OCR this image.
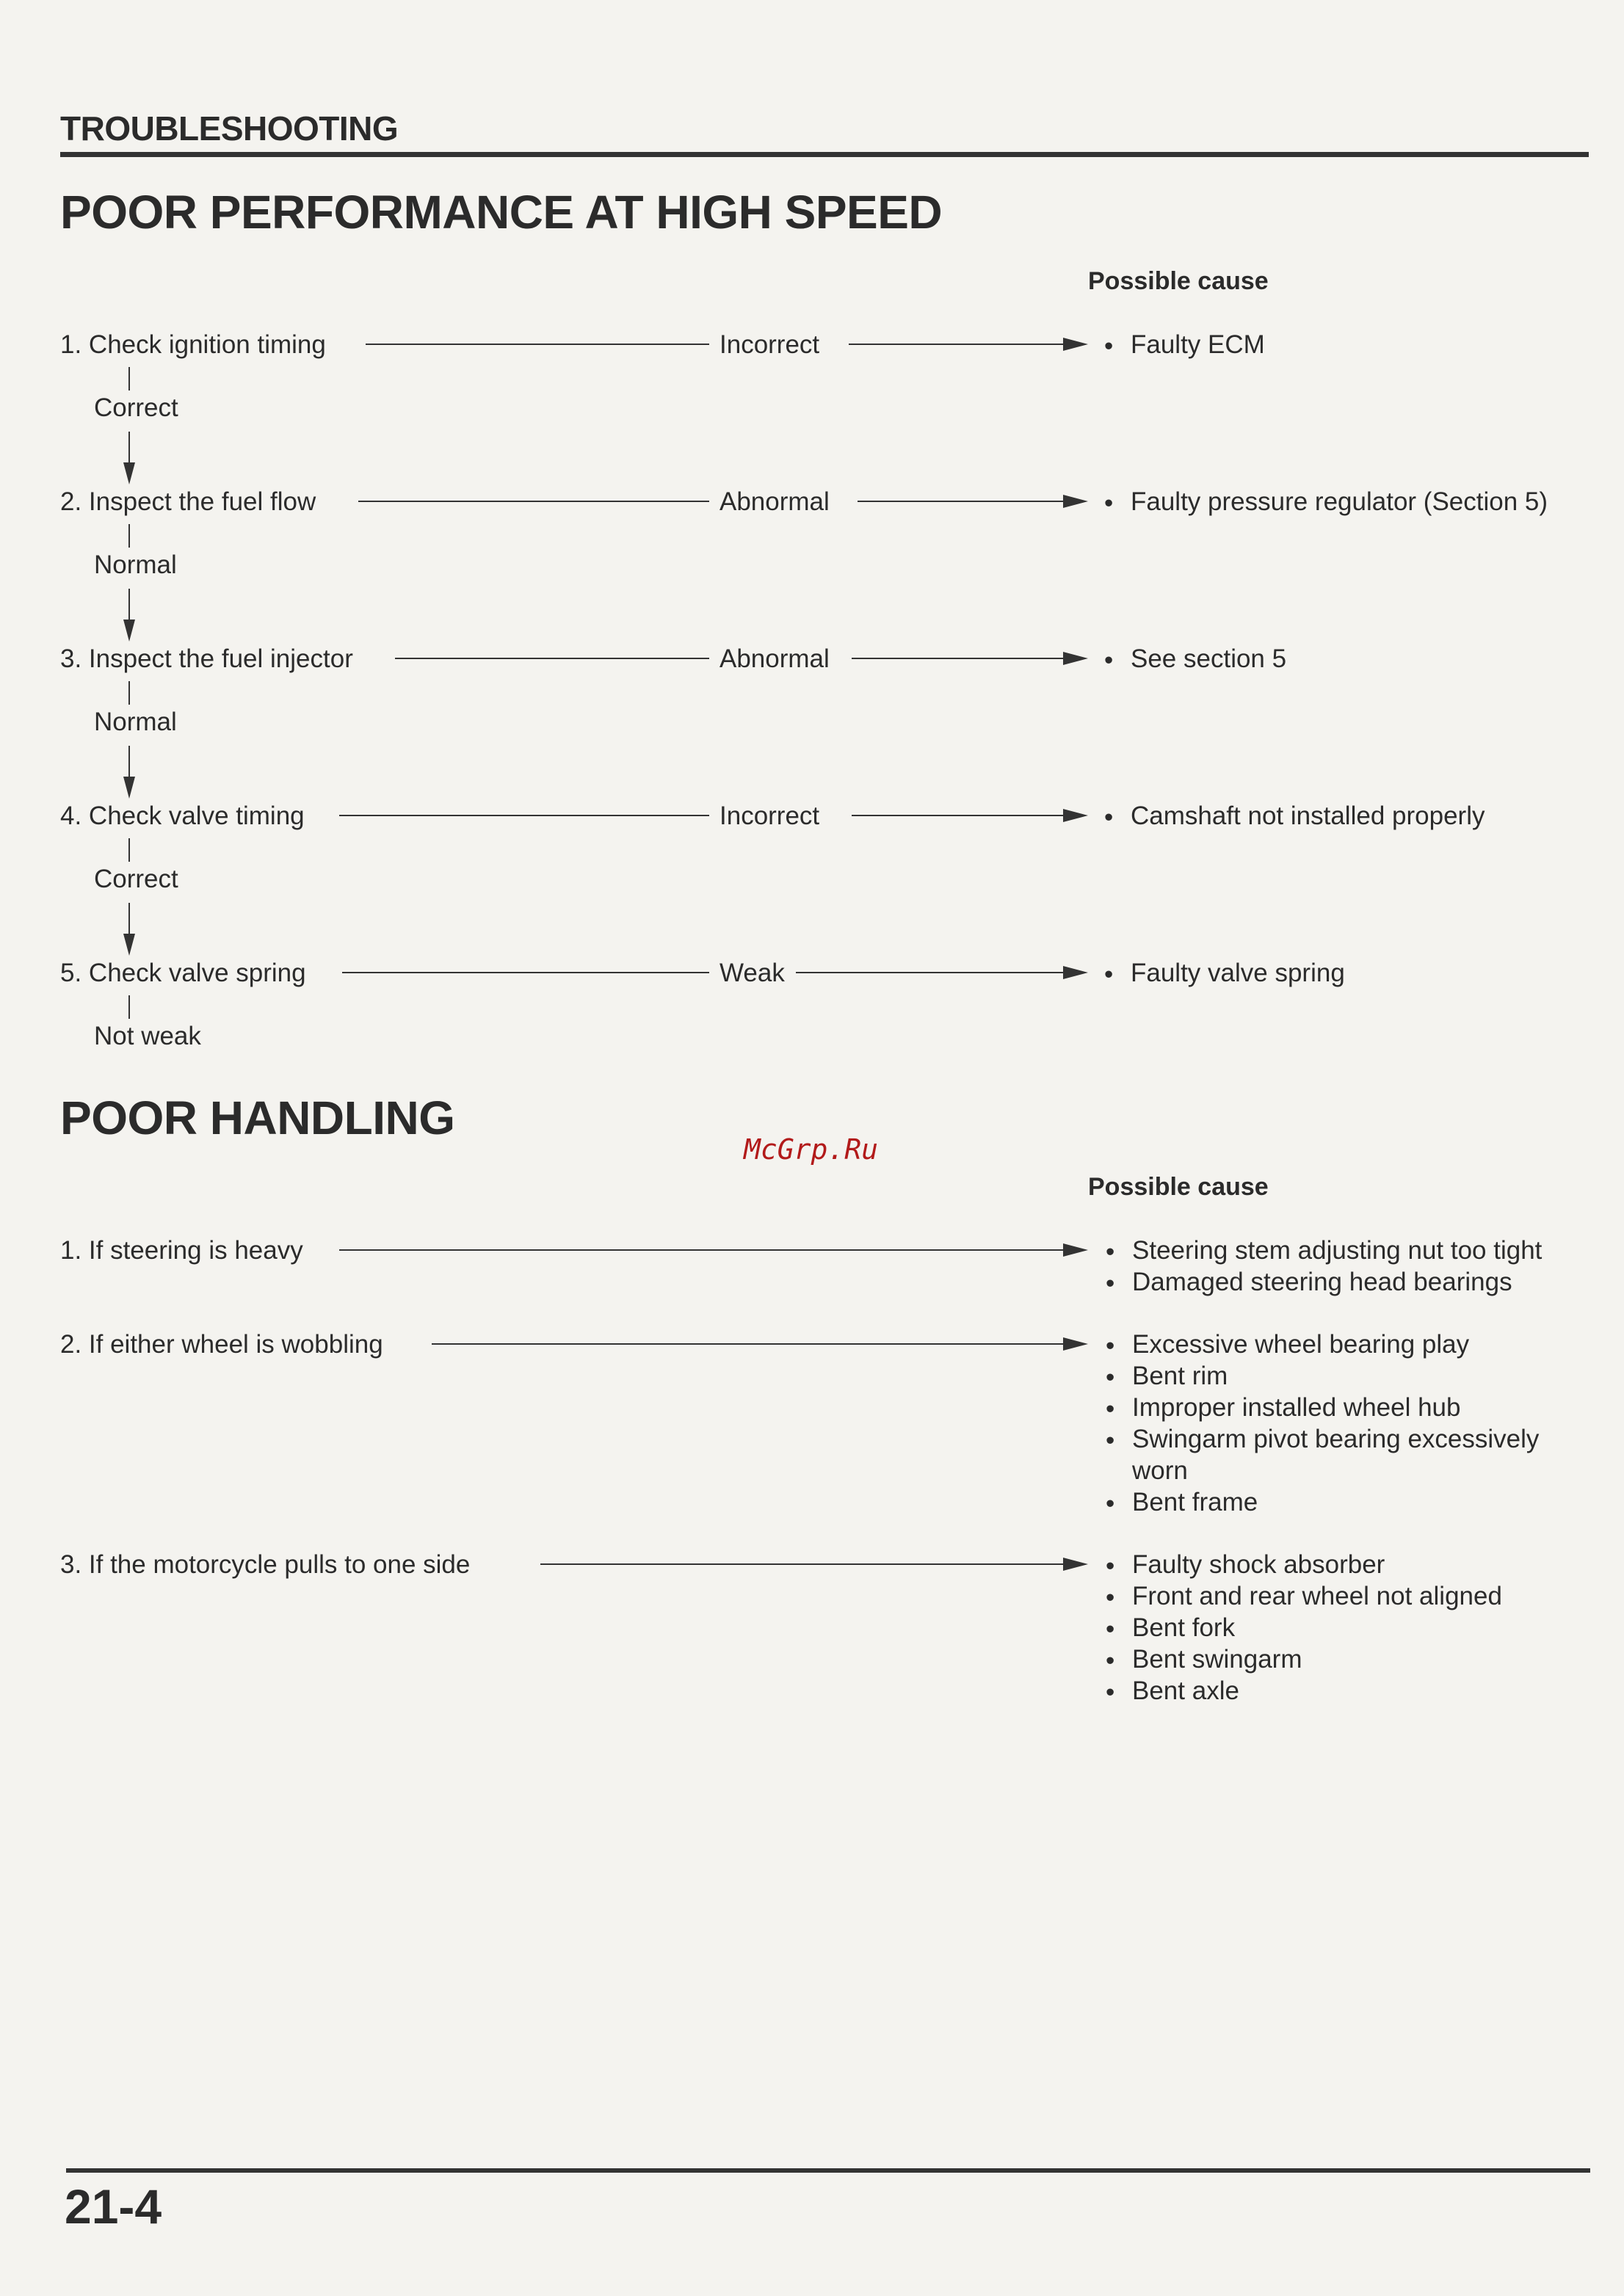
TROUBLESHOOTING
POOR PERFORMANCE AT HIGH SPEED
Possible cause
1. Check ignition timing	Incorrect	• Faulty ECM
Correct
2. Inspect the fuel flow	Abnormal	• Faulty pressure regulator (Section 5)
Normal
3. Inspect the fuel injector	Abnormal	• See section 5
Normal
4. Check valve timing	Incorrect	• Camshaft not installed properly
Correct
5. Check valve spring	Weak	• Faulty valve spring
Not weak
POOR HANDLING
McGrp.Ru
Possible cause
1. If steering is heavy	• Steering stem adjusting nut too tight
• Damaged steering head bearings
2. If either wheel is wobbling	• Excessive wheel bearing play
• Bent rim
• Improper installed wheel hub
• Swingarm pivot bearing excessively
worn
• Bent frame
3. If the motorcycle pulls to one side	• Faulty shock absorber
• Front and rear wheel not aligned
• Bent fork
• Bent swingarm
• Bent axle
21-4
